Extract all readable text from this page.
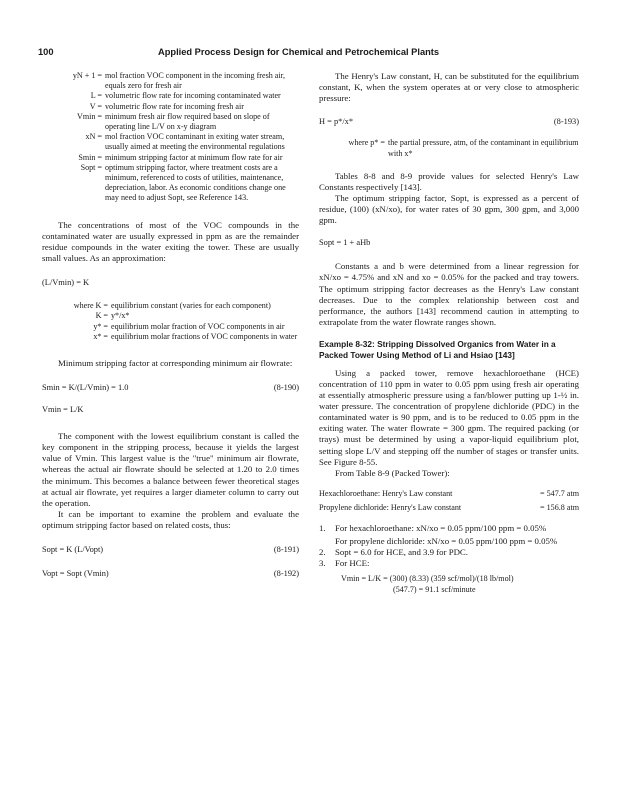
100	Applied Process Design for Chemical and Petrochemical Plants
yN + 1 = mol fraction VOC component in the incoming fresh air, equals zero for fresh air
L = volumetric flow rate for incoming contaminated water
V = volumetric flow rate for incoming fresh air
Vmin = minimum fresh air flow required based on slope of operating line L/V on x-y diagram
xN = mol fraction VOC contaminant in exiting water stream, usually aimed at meeting the environmental regulations
Smin = minimum stripping factor at minimum flow rate for air
Sopt = optimum stripping factor, where treatment costs are a minimum, referenced to costs of utilities, maintenance, depreciation, labor. As economic conditions change one may need to adjust Sopt, see Reference 143.

The concentrations of most of the VOC compounds in the contaminated water are usually expressed in ppm as are the remainder residue compounds in the water exiting the tower. These are usually small values. As an approximation:

(L/Vmin) = K
where K = equilibrium constant (varies for each component)
K = y*/x*
y* = equilibrium molar fraction of VOC components in air
x* = equilibrium molar fractions of VOC components in water

Minimum stripping factor at corresponding minimum air flowrate:

Smin = K/(L/Vmin) = 1.0	(8-190)
Vmin = L/K

The component with the lowest equilibrium constant is called the key component in the stripping process, because it yields the largest value of Vmin. This largest value is the "true" minimum air flowrate, whereas the actual air flowrate should be selected at 1.20 to 2.0 times the minimum. This becomes a balance between fewer theoretical stages at actual air flowrate, yet requires a larger diameter column to carry out the operation.

It can be important to examine the problem and evaluate the optimum stripping factor based on related costs, thus:

Sopt = K (L/Vopt)	(8-191)
Vopt = Sopt (Vmin)	(8-192)

The Henry's Law constant, H, can be substituted for the equilibrium constant, K, when the system operates at or very close to atmospheric pressure:

H = p*/x*	(8-193)
where p* = the partial pressure, atm, of the contaminant in equilibrium with x*

Tables 8-8 and 8-9 provide values for selected Henry's Law Constants respectively [143].

The optimum stripping factor, Sopt, is expressed as a percent of residue, (100) (xN/xo), for water rates of 30 gpm, 300 gpm, and 3,000 gpm.

Sopt = 1 + aHb

Constants a and b were determined from a linear regression for xN/xo = 4.75% and xN and xo = 0.05% for the packed and tray towers. The optimum stripping factor decreases as the Henry's Law constant decreases. Due to the complex relationship between cost and performance, the authors [143] recommend caution in attempting to extrapolate from the water flowrate ranges shown.

Example 8-32: Stripping Dissolved Organics from Water in a Packed Tower Using Method of Li and Hsiao [143]

Using a packed tower, remove hexachloroethane (HCE) concentration of 110 ppm in water to 0.05 ppm using fresh air operating at essentially atmospheric pressure using a fan/blower putting up 1-½ in. water pressure. The concentration of propylene dichloride (PDC) in the contaminated water is 90 ppm, and is to be reduced to 0.05 ppm in the exiting water. The water flowrate = 300 gpm. The required packing (or trays) must be determined by using a vapor-liquid equilibrium plot, setting slope L/V and stepping off the number of stages or transfer units. See Figure 8-55.

From Table 8-9 (Packed Tower):

Hexachloroethane: Henry's Law constant	= 547.7 atm
Propylene dichloride: Henry's Law constant	= 156.8 atm
1.	For hexachloroethane: xN/xo = 0.05 ppm/100 ppm = 0.05%

For propylene dichloride: xN/xo = 0.05 ppm/100 ppm = 0.05%

2.	Sopt = 6.0 for HCE, and 3.9 for PDC.
3.	For HCE:
Vmin = L/K = (300) (8.33) (359 scf/mol)/(18 lb/mol)
(547.7) = 91.1 scf/minute
